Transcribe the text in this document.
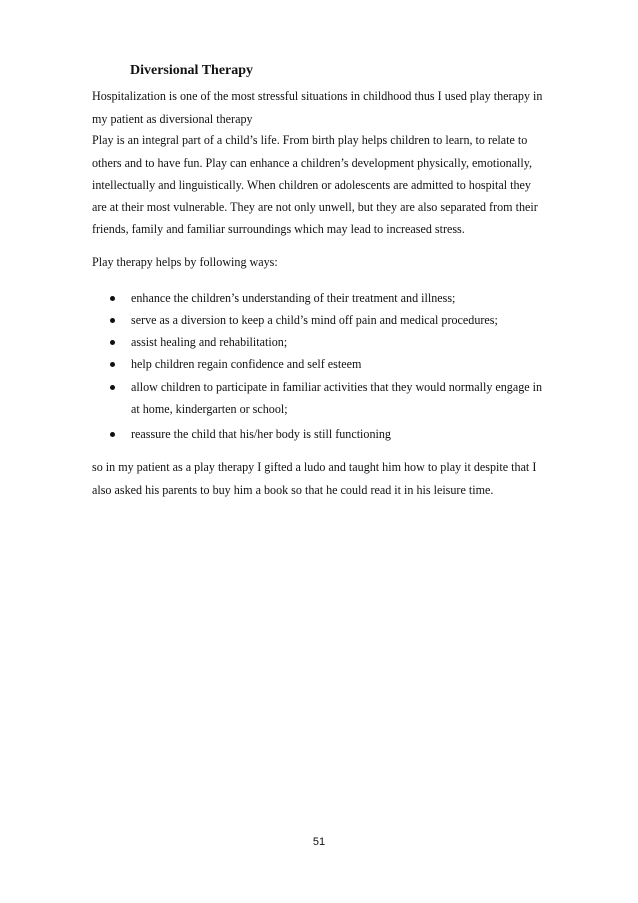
Diversional Therapy
Hospitalization is one of the most stressful situations in childhood thus I used play therapy in
my patient as diversional therapy
Play is an integral part of a child’s life. From birth play helps children to learn, to relate to
others and to have fun. Play can enhance a children’s development physically, emotionally,
intellectually and linguistically. When children or adolescents are admitted to hospital they
are at their most vulnerable. They are not only unwell, but they are also separated from their
friends, family and familiar surroundings which may lead to increased stress.
Play therapy helps by following ways:
enhance the children’s understanding of their treatment and illness;
serve as a diversion to keep a child’s mind off pain and medical procedures;
assist healing and rehabilitation;
help children regain confidence and self esteem
allow children to participate in familiar activities that they would normally engage in
at home, kindergarten or school;
reassure the child that his/her body is still functioning
so in my patient as a play therapy I gifted a ludo and taught him how to play it despite that I
also asked his parents to buy him a book so that he could read it in his leisure time.
51
